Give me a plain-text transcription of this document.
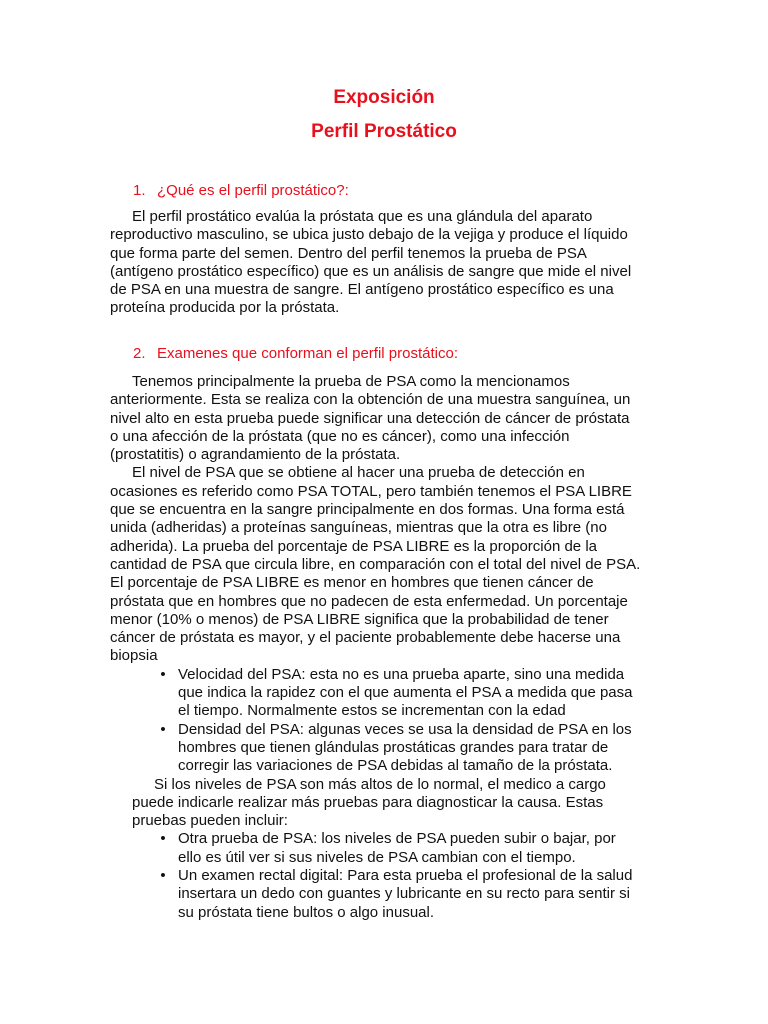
Exposición
Perfil Prostático
1. ¿Qué es el perfil prostático?:
El perfil prostático evalúa la próstata que es una glándula del aparato
reproductivo masculino, se ubica justo debajo de la vejiga y produce el líquido
que forma parte del semen. Dentro del perfil tenemos la prueba de PSA
(antígeno prostático específico) que es un análisis de sangre que mide el nivel
de PSA en una muestra de sangre. El antígeno prostático específico es una
proteína producida por la próstata.
2. Examenes que conforman el perfil prostático:
Tenemos principalmente la prueba de PSA como la mencionamos
anteriormente. Esta se realiza con la obtención de una muestra sanguínea, un
nivel alto en esta prueba puede significar una detección de cáncer de próstata
o una afección de la próstata (que no es cáncer), como una infección
(prostatitis) o agrandamiento de la próstata.
El nivel de PSA que se obtiene al hacer una prueba de detección en
ocasiones es referido como PSA TOTAL, pero también tenemos el PSA LIBRE
que se encuentra en la sangre principalmente en dos formas. Una forma está
unida (adheridas) a proteínas sanguíneas, mientras que la otra es libre (no
adherida). La prueba del porcentaje de PSA LIBRE es la proporción de la
cantidad de PSA que circula libre, en comparación con el total del nivel de PSA.
El porcentaje de PSA LIBRE es menor en hombres que tienen cáncer de
próstata que en hombres que no padecen de esta enfermedad. Un porcentaje
menor (10% o menos) de PSA LIBRE significa que la probabilidad de tener
cáncer de próstata es mayor, y el paciente probablemente debe hacerse una
biopsia
• Velocidad del PSA: esta no es una prueba aparte, sino una medida
que indica la rapidez con el que aumenta el PSA a medida que pasa
el tiempo. Normalmente estos se incrementan con la edad
• Densidad del PSA: algunas veces se usa la densidad de PSA en los
hombres que tienen glándulas prostáticas grandes para tratar de
corregir las variaciones de PSA debidas al tamaño de la próstata.
Si los niveles de PSA son más altos de lo normal, el medico a cargo
puede indicarle realizar más pruebas para diagnosticar la causa. Estas
pruebas pueden incluir:
• Otra prueba de PSA: los niveles de PSA pueden subir o bajar, por
ello es útil ver si sus niveles de PSA cambian con el tiempo.
• Un examen rectal digital: Para esta prueba el profesional de la salud
insertara un dedo con guantes y lubricante en su recto para sentir si
su próstata tiene bultos o algo inusual.
